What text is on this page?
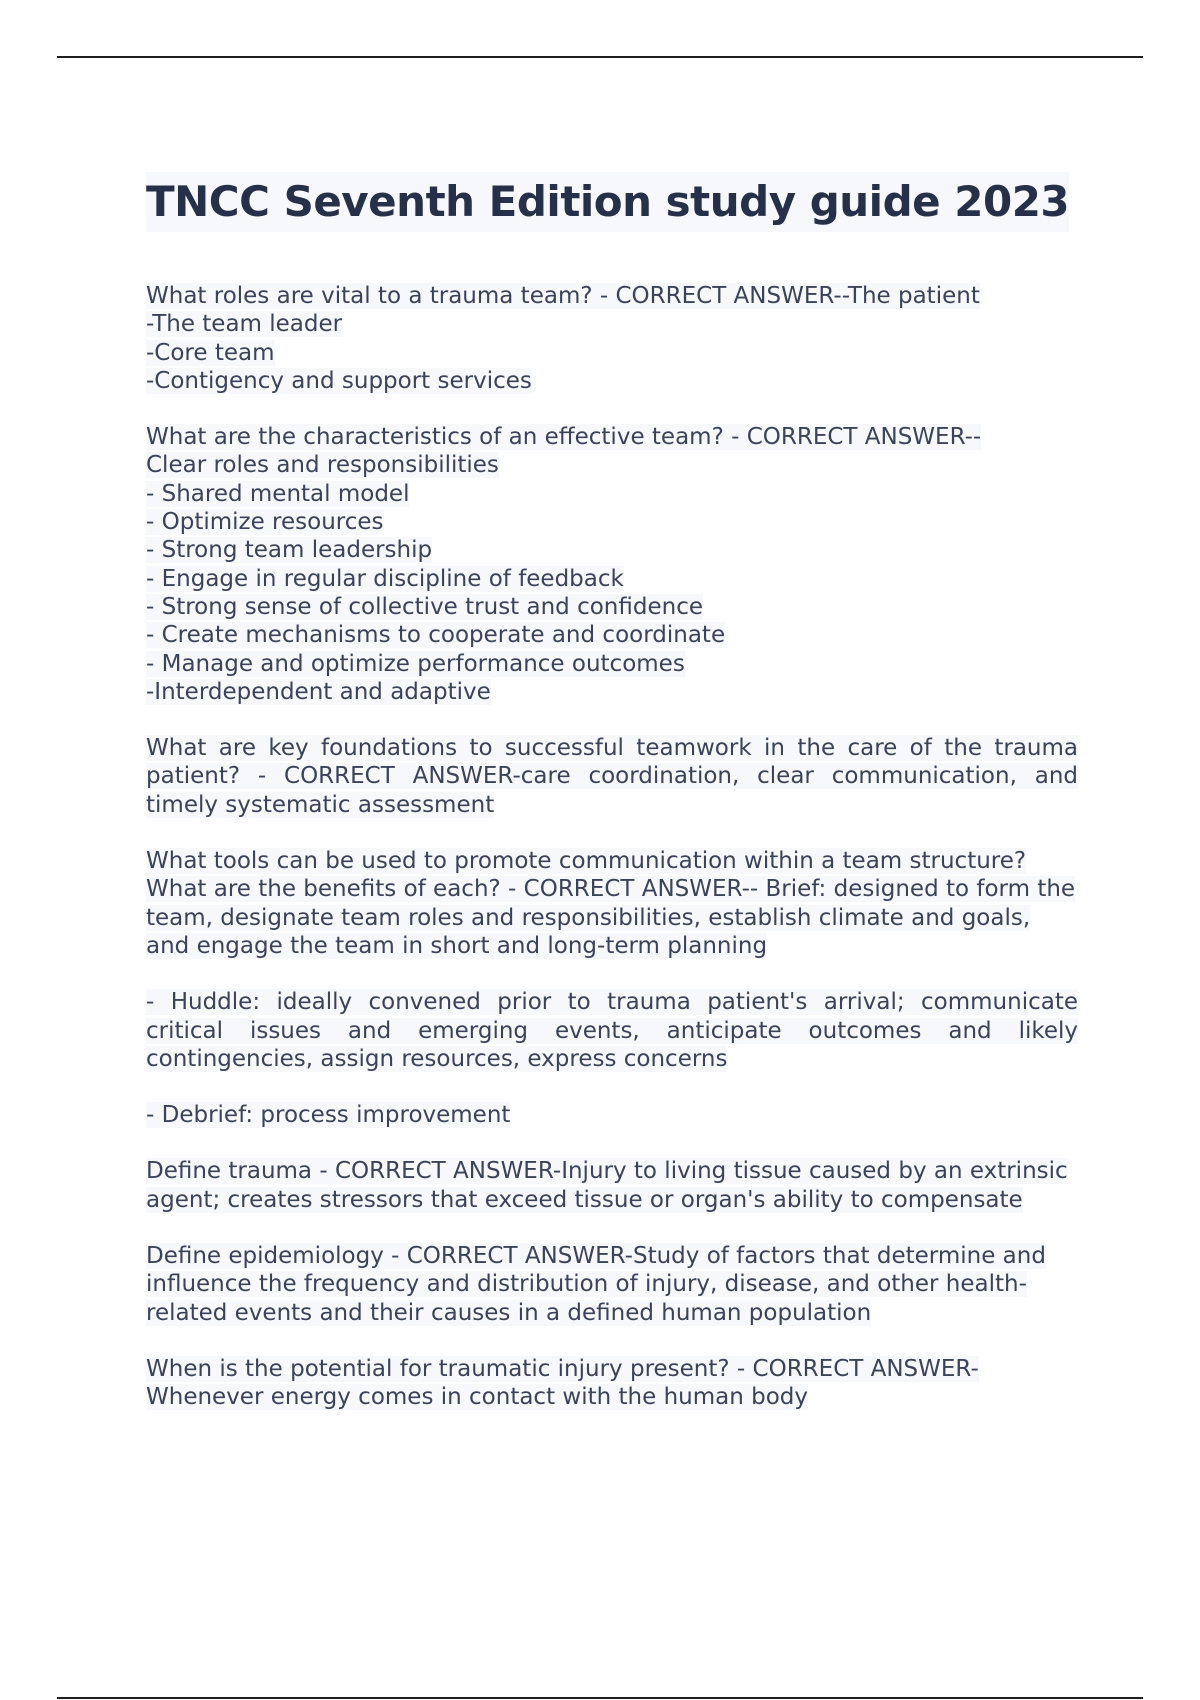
TNCC Seventh Edition study guide 2023
What roles are vital to a trauma team? - CORRECT ANSWER--The patient
-The team leader
-Core team
-Contigency and support services
What are the characteristics of an effective team? - CORRECT ANSWER--
Clear roles and responsibilities
- Shared mental model
- Optimize resources
- Strong team leadership
- Engage in regular discipline of feedback
- Strong sense of collective trust and confidence
- Create mechanisms to cooperate and coordinate
- Manage and optimize performance outcomes
-Interdependent and adaptive

What are key foundations to successful teamwork in the care of the trauma patient? - CORRECT ANSWER-care coordination, clear communication, and timely systematic assessment

What tools can be used to promote communication within a team structure? What are the benefits of each? - CORRECT ANSWER-- Brief: designed to form the team, designate team roles and responsibilities, establish climate and goals, and engage the team in short and long-term planning

- Huddle: ideally convened prior to trauma patient's arrival; communicate critical issues and emerging events, anticipate outcomes and likely contingencies, assign resources, express concerns

- Debrief: process improvement

Define trauma - CORRECT ANSWER-Injury to living tissue caused by an extrinsic agent; creates stressors that exceed tissue or organ's ability to compensate

Define epidemiology - CORRECT ANSWER-Study of factors that determine and influence the frequency and distribution of injury, disease, and other health-related events and their causes in a defined human population

When is the potential for traumatic injury present? - CORRECT ANSWER-Whenever energy comes in contact with the human body
